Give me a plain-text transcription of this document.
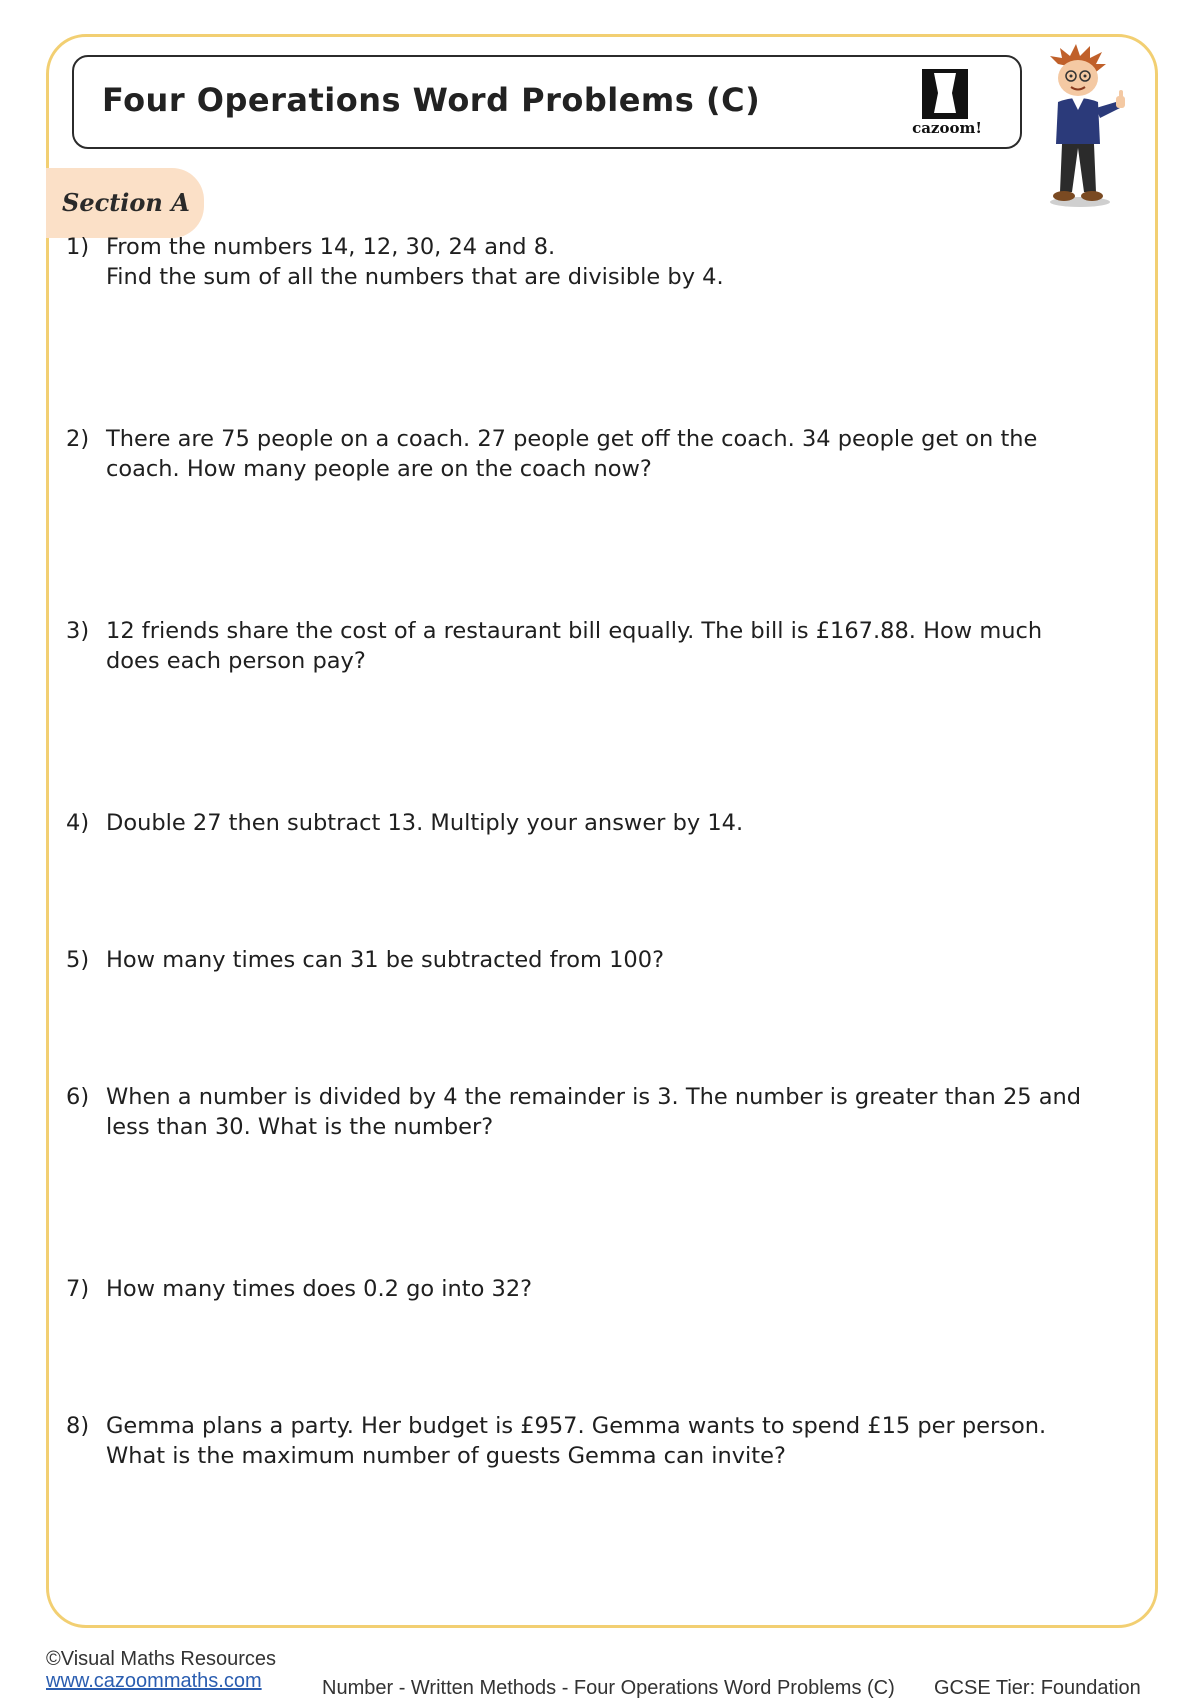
Four Operations Word Problems (C)
cazoom!
Section A
1) From the numbers 14, 12, 30, 24 and 8.
Find the sum of all the numbers that are divisible by 4.
2) There are 75 people on a coach. 27 people get off the coach. 34 people get on the
coach. How many people are on the coach now?
3) 12 friends share the cost of a restaurant bill equally. The bill is £167.88. How much
does each person pay?
4) Double 27 then subtract 13. Multiply your answer by 14.
5) How many times can 31 be subtracted from 100?
6) When a number is divided by 4 the remainder is 3. The number is greater than 25 and
less than 30. What is the number?
7) How many times does 0.2 go into 32?
8) Gemma plans a party. Her budget is £957. Gemma wants to spend £15 per person.
What is the maximum number of guests Gemma can invite?
©Visual Maths Resources
www.cazoommaths.com	Number - Written Methods - Four Operations Word Problems (C) GCSE Tier: Foundation
